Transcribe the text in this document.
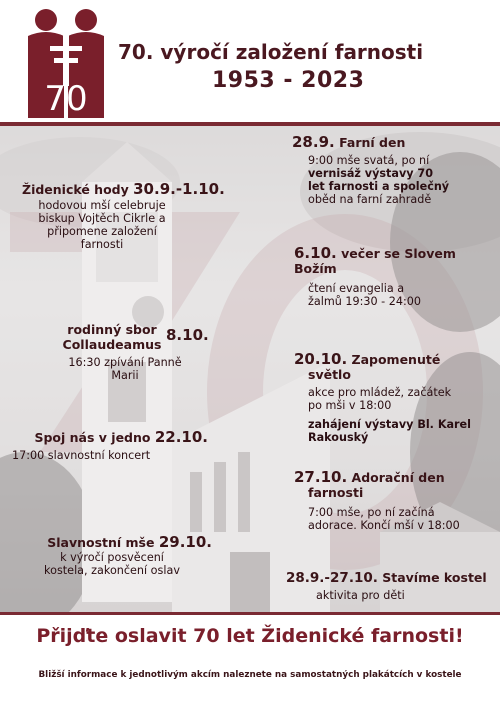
70
70. výročí založení farnosti
1953 - 2023
Židenické hody 30.9.-1.10.
hodovou mší celebruje
biskup Vojtěch Cikrle a
připomene založení
farnosti
rodinný sbor
Collaudeamus
8.10.
16:30 zpívání Panně
Marii
Spoj nás v jedno 22.10.
17:00 slavnostní koncert
Slavnostní mše 29.10.
k výročí posvěcení
kostela, zakončení oslav
28.9. Farní den
9:00 mše svatá, po ní
vernisáž výstavy 70
let farnosti a společný
oběd na farní zahradě
6.10. večer se Slovem
Božím
čtení evangelia a
žalmů 19:30 - 24:00
20.10. Zapomenuté
světlo
akce pro mládež, začátek
po mši v 18:00
zahájení výstavy Bl. Karel
Rakouský
27.10. Adorační den
farnosti
7:00 mše, po ní začíná
adorace. Končí mší v 18:00
28.9.-27.10. Stavíme kostel
aktivita pro děti
Přijďte oslavit 70 let Židenické farnosti!
Bližší informace k jednotlivým akcím naleznete na samostatných plakátcích v kostele
